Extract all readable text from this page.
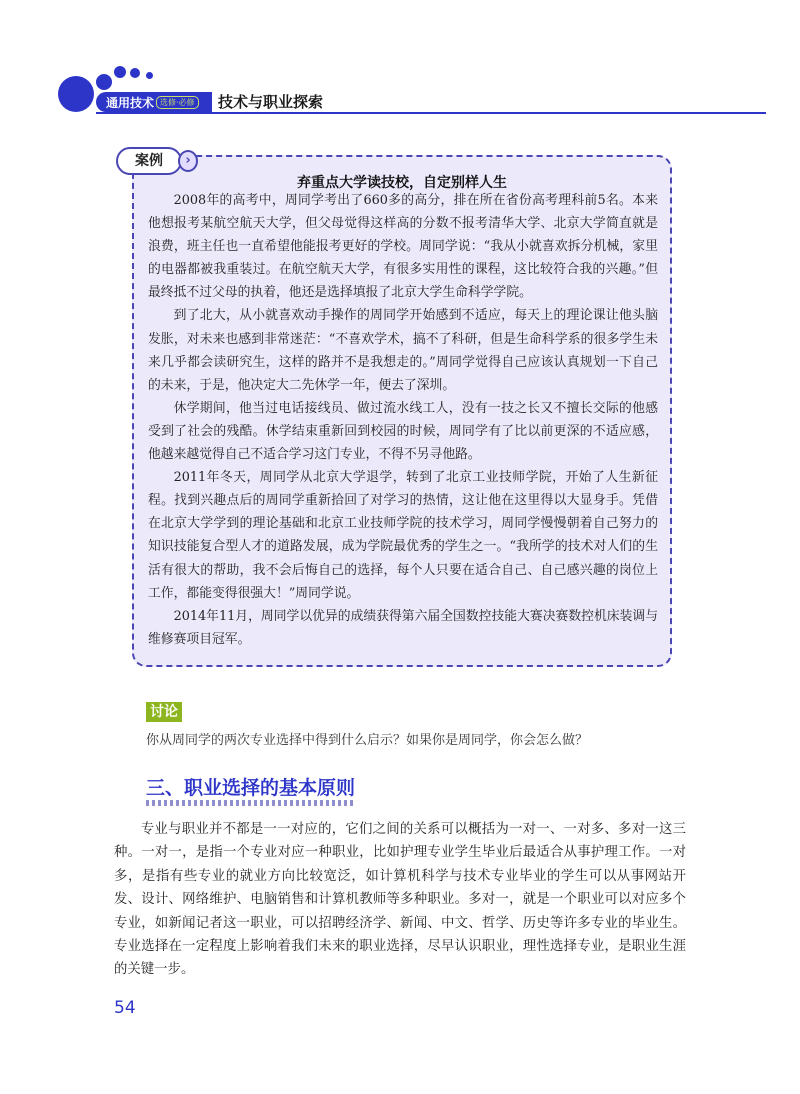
通用技术 选修·必修 技术与职业探索
案例	›
弃重点大学读技校，自定别样人生

2008年的高考中，周同学考出了660多的高分，排在所在省份高考理科前5名。本来他想报考某航空航天大学，但父母觉得这样高的分数不报考清华大学、北京大学简直就是浪费，班主任也一直希望他能报考更好的学校。周同学说：“我从小就喜欢拆分机械，家里的电器都被我重装过。在航空航天大学，有很多实用性的课程，这比较符合我的兴趣。”但最终抵不过父母的执着，他还是选择填报了北京大学生命科学学院。

到了北大，从小就喜欢动手操作的周同学开始感到不适应，每天上的理论课让他头脑发胀，对未来也感到非常迷茫：“不喜欢学术，搞不了科研，但是生命科学系的很多学生未来几乎都会读研究生，这样的路并不是我想走的。”周同学觉得自己应该认真规划一下自己的未来，于是，他决定大二先休学一年，便去了深圳。

休学期间，他当过电话接线员、做过流水线工人，没有一技之长又不擅长交际的他感受到了社会的残酷。休学结束重新回到校园的时候，周同学有了比以前更深的不适应感，他越来越觉得自己不适合学习这门专业，不得不另寻他路。

2011年冬天，周同学从北京大学退学，转到了北京工业技师学院，开始了人生新征程。找到兴趣点后的周同学重新拾回了对学习的热情，这让他在这里得以大显身手。凭借在北京大学学到的理论基础和北京工业技师学院的技术学习，周同学慢慢朝着自己努力的知识技能复合型人才的道路发展，成为学院最优秀的学生之一。“我所学的技术对人们的生活有很大的帮助，我不会后悔自己的选择，每个人只要在适合自己、自己感兴趣的岗位上工作，都能变得很强大！”周同学说。

2014年11月，周同学以优异的成绩获得第六届全国数控技能大赛决赛数控机床装调与维修赛项目冠军。

讨论
你从周同学的两次专业选择中得到什么启示？如果你是周同学，你会怎么做？
三、职业选择的基本原则

专业与职业并不都是一一对应的，它们之间的关系可以概括为一对一、一对多、多对一这三种。一对一，是指一个专业对应一种职业，比如护理专业学生毕业后最适合从事护理工作。一对多，是指有些专业的就业方向比较宽泛，如计算机科学与技术专业毕业的学生可以从事网站开发、设计、网络维护、电脑销售和计算机教师等多种职业。多对一，就是一个职业可以对应多个专业，如新闻记者这一职业，可以招聘经济学、新闻、中文、哲学、历史等许多专业的毕业生。专业选择在一定程度上影响着我们未来的职业选择，尽早认识职业，理性选择专业，是职业生涯的关键一步。

54
